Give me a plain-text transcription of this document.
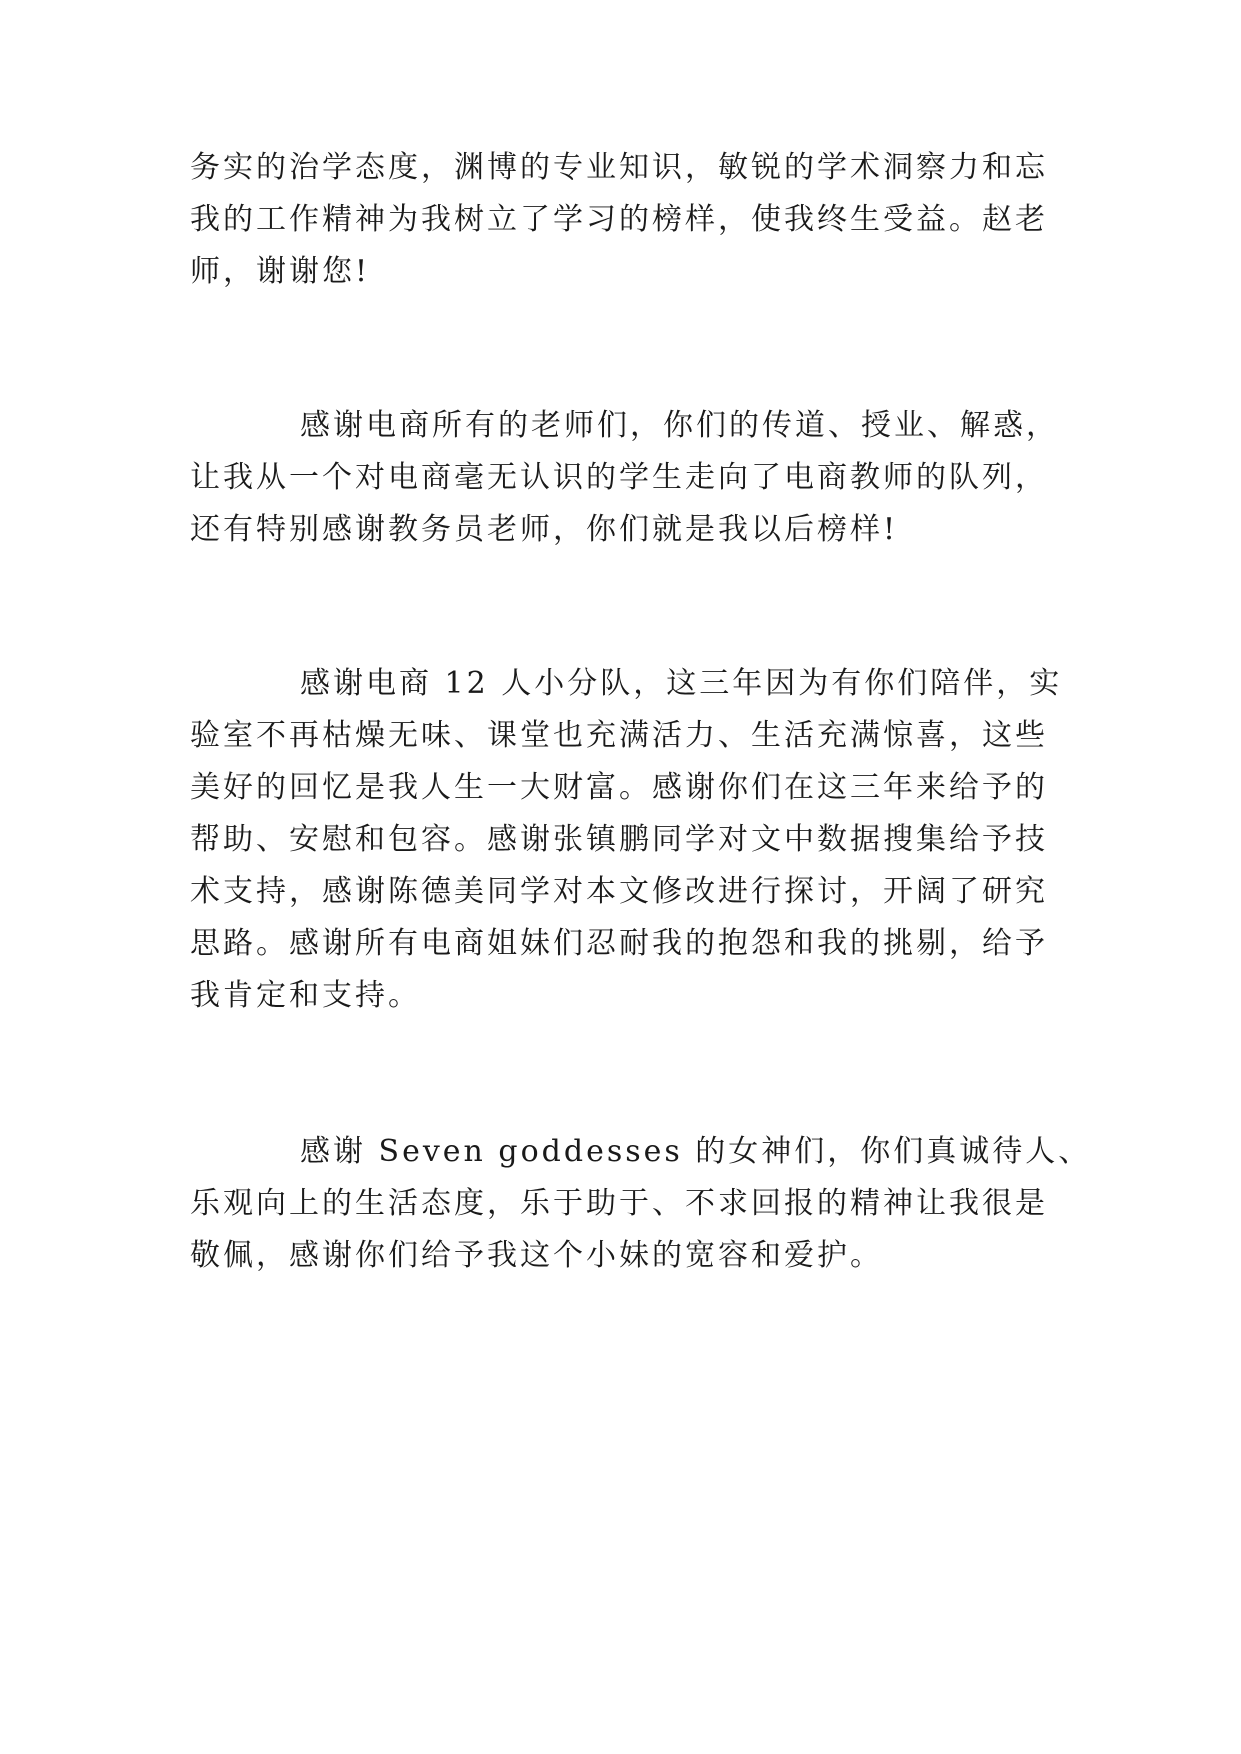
务实的治学态度，渊博的专业知识，敏锐的学术洞察力和忘
我的工作精神为我树立了学习的榜样，使我终生受益。赵老
师，谢谢您!
感谢电商所有的老师们，你们的传道、授业、解惑，
让我从一个对电商毫无认识的学生走向了电商教师的队列，
还有特别感谢教务员老师，你们就是我以后榜样!
感谢电商 12 人小分队，这三年因为有你们陪伴，实
验室不再枯燥无味、课堂也充满活力、生活充满惊喜，这些
美好的回忆是我人生一大财富。感谢你们在这三年来给予的
帮助、安慰和包容。感谢张镇鹏同学对文中数据搜集给予技
术支持，感谢陈德美同学对本文修改进行探讨，开阔了研究
思路。感谢所有电商姐妹们忍耐我的抱怨和我的挑剔，给予
我肯定和支持。
感谢 Seven goddesses 的女神们，你们真诚待人、
乐观向上的生活态度，乐于助于、不求回报的精神让我很是
敬佩，感谢你们给予我这个小妹的宽容和爱护。
